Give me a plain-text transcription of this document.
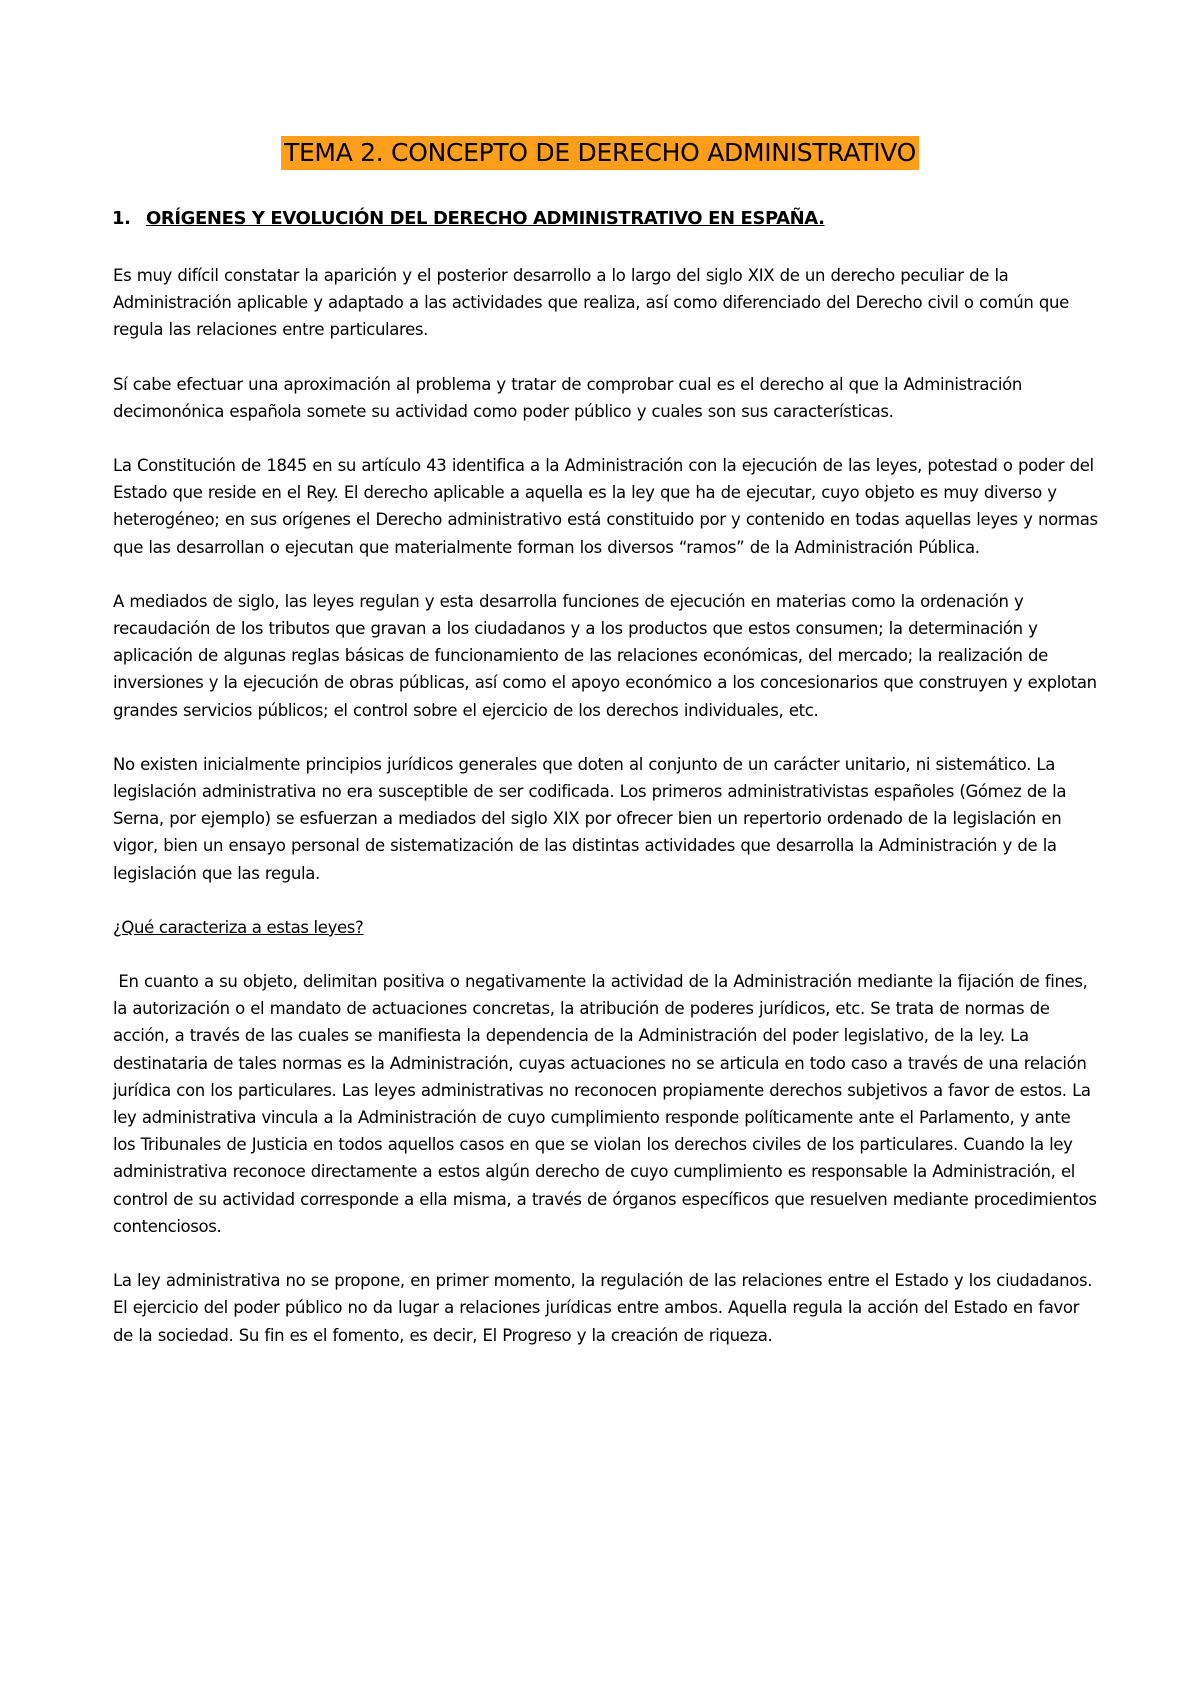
TEMA 2. CONCEPTO DE DERECHO ADMINISTRATIVO
1. ORÍGENES Y EVOLUCIÓN DEL DERECHO ADMINISTRATIVO EN ESPAÑA.

Es muy difícil constatar la aparición y el posterior desarrollo a lo largo del siglo XIX de un derecho peculiar de la Administración aplicable y adaptado a las actividades que realiza, así como diferenciado del Derecho civil o común que regula las relaciones entre particulares.

Sí cabe efectuar una aproximación al problema y tratar de comprobar cual es el derecho al que la Administración decimonónica española somete su actividad como poder público y cuales son sus características.

La Constitución de 1845 en su artículo 43 identifica a la Administración con la ejecución de las leyes, potestad o poder del Estado que reside en el Rey. El derecho aplicable a aquella es la ley que ha de ejecutar, cuyo objeto es muy diverso y heterogéneo; en sus orígenes el Derecho administrativo está constituido por y contenido en todas aquellas leyes y normas que las desarrollan o ejecutan que materialmente forman los diversos “ramos” de la Administración Pública.

A mediados de siglo, las leyes regulan y esta desarrolla funciones de ejecución en materias como la ordenación y recaudación de los tributos que gravan a los ciudadanos y a los productos que estos consumen; la determinación y aplicación de algunas reglas básicas de funcionamiento de las relaciones económicas, del mercado; la realización de inversiones y la ejecución de obras públicas, así como el apoyo económico a los concesionarios que construyen y explotan grandes servicios públicos; el control sobre el ejercicio de los derechos individuales, etc.

No existen inicialmente principios jurídicos generales que doten al conjunto de un carácter unitario, ni sistemático. La legislación administrativa no era susceptible de ser codificada. Los primeros administrativistas españoles (Gómez de la Serna, por ejemplo) se esfuerzan a mediados del siglo XIX por ofrecer bien un repertorio ordenado de la legislación en vigor, bien un ensayo personal de sistematización de las distintas actividades que desarrolla la Administración y de la legislación que las regula.

¿Qué caracteriza a estas leyes?

En cuanto a su objeto, delimitan positiva o negativamente la actividad de la Administración mediante la fijación de fines, la autorización o el mandato de actuaciones concretas, la atribución de poderes jurídicos, etc. Se trata de normas de acción, a través de las cuales se manifiesta la dependencia de la Administración del poder legislativo, de la ley. La destinataria de tales normas es la Administración, cuyas actuaciones no se articula en todo caso a través de una relación jurídica con los particulares. Las leyes administrativas no reconocen propiamente derechos subjetivos a favor de estos. La ley administrativa vincula a la Administración de cuyo cumplimiento responde políticamente ante el Parlamento, y ante los Tribunales de Justicia en todos aquellos casos en que se violan los derechos civiles de los particulares. Cuando la ley administrativa reconoce directamente a estos algún derecho de cuyo cumplimiento es responsable la Administración, el control de su actividad corresponde a ella misma, a través de órganos específicos que resuelven mediante procedimientos contenciosos.

La ley administrativa no se propone, en primer momento, la regulación de las relaciones entre el Estado y los ciudadanos. El ejercicio del poder público no da lugar a relaciones jurídicas entre ambos. Aquella regula la acción del Estado en favor de la sociedad. Su fin es el fomento, es decir, El Progreso y la creación de riqueza.
